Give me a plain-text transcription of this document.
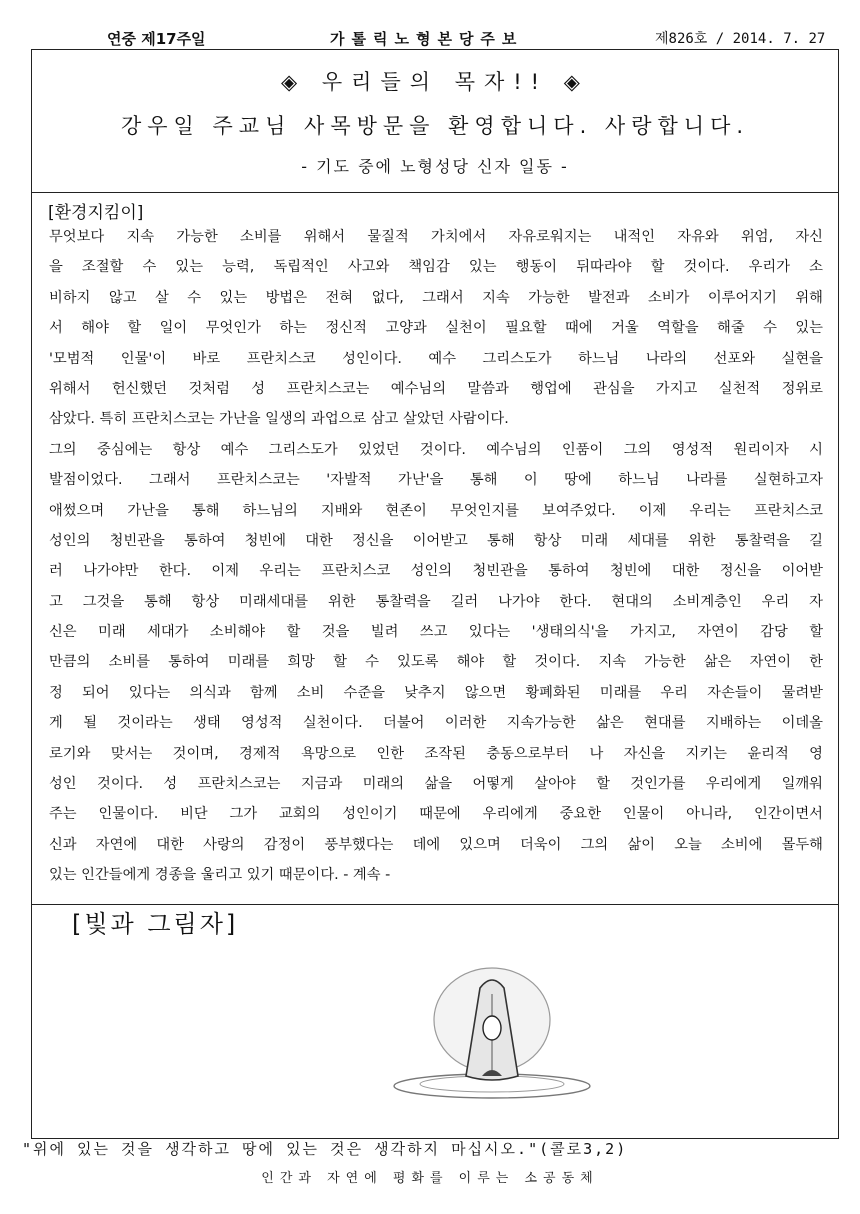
연중 제17주일	가톨릭노형본당주보	제826호 / 2014. 7. 27
◈ 우리들의 목자!! ◈
강우일 주교님 사목방문을 환영합니다. 사랑합니다.
- 기도 중에 노형성당 신자 일동 -
[환경지킴이]
무엇보다 지속 가능한 소비를 위해서 물질적 가치에서 자유로워지는 내적인 자유와 위엄, 자신
을 조절할 수 있는 능력, 독립적인 사고와 책임감 있는 행동이 뒤따라야 할 것이다. 우리가 소
비하지 않고 살 수 있는 방법은 전혀 없다, 그래서 지속 가능한 발전과 소비가 이루어지기 위해
서 해야 할 일이 무엇인가 하는 정신적 고양과 실천이 필요할 때에 거울 역할을 해줄 수 있는
'모범적 인물'이 바로 프란치스코 성인이다. 예수 그리스도가 하느님 나라의 선포와 실현을
위해서 헌신했던 것처럼 성 프란치스코는 예수님의 말씀과 행업에 관심을 가지고 실천적 정위로
삼았다. 특히 프란치스코는 가난을 일생의 과업으로 삼고 살았던 사람이다.
그의 중심에는 항상 예수 그리스도가 있었던 것이다. 예수님의 인품이 그의 영성적 원리이자 시
발점이었다. 그래서 프란치스코는 '자발적 가난'을 통해 이 땅에 하느님 나라를 실현하고자
애썼으며 가난을 통해 하느님의 지배와 현존이 무엇인지를 보여주었다. 이제 우리는 프란치스코
성인의 청빈관을 통하여 청빈에 대한 정신을 이어받고 통해 항상 미래 세대를 위한 통찰력을 길
러 나가야만 한다. 이제 우리는 프란치스코 성인의 청빈관을 통하여 청빈에 대한 정신을 이어받
고 그것을 통해 항상 미래세대를 위한 통찰력을 길러 나가야 한다. 현대의 소비계층인 우리 자
신은 미래 세대가 소비해야 할 것을 빌려 쓰고 있다는 '생태의식'을 가지고, 자연이 감당 할
만큼의 소비를 통하여 미래를 희망 할 수 있도록 해야 할 것이다. 지속 가능한 삶은 자연이 한
정 되어 있다는 의식과 함께 소비 수준을 낮추지 않으면 황폐화된 미래를 우리 자손들이 물려받
게 될 것이라는 생태 영성적 실천이다. 더불어 이러한 지속가능한 삶은 현대를 지배하는 이데올
로기와 맞서는 것이며, 경제적 욕망으로 인한 조작된 충동으로부터 나 자신을 지키는 윤리적 영
성인 것이다. 성 프란치스코는 지금과 미래의 삶을 어떻게 살아야 할 것인가를 우리에게 일깨워
주는 인물이다. 비단 그가 교회의 성인이기 때문에 우리에게 중요한 인물이 아니라, 인간이면서
신과 자연에 대한 사랑의 감정이 풍부했다는 데에 있으며 더욱이 그의 삶이 오늘 소비에 몰두해
있는 인간들에게 경종을 울리고 있기 때문이다. - 계속 -
[빛과 그림자]
"위에 있는 것을 생각하고 땅에 있는 것은 생각하지 마십시오."(콜로3,2)
인간과 자연에 평화를 이루는 소공동체
